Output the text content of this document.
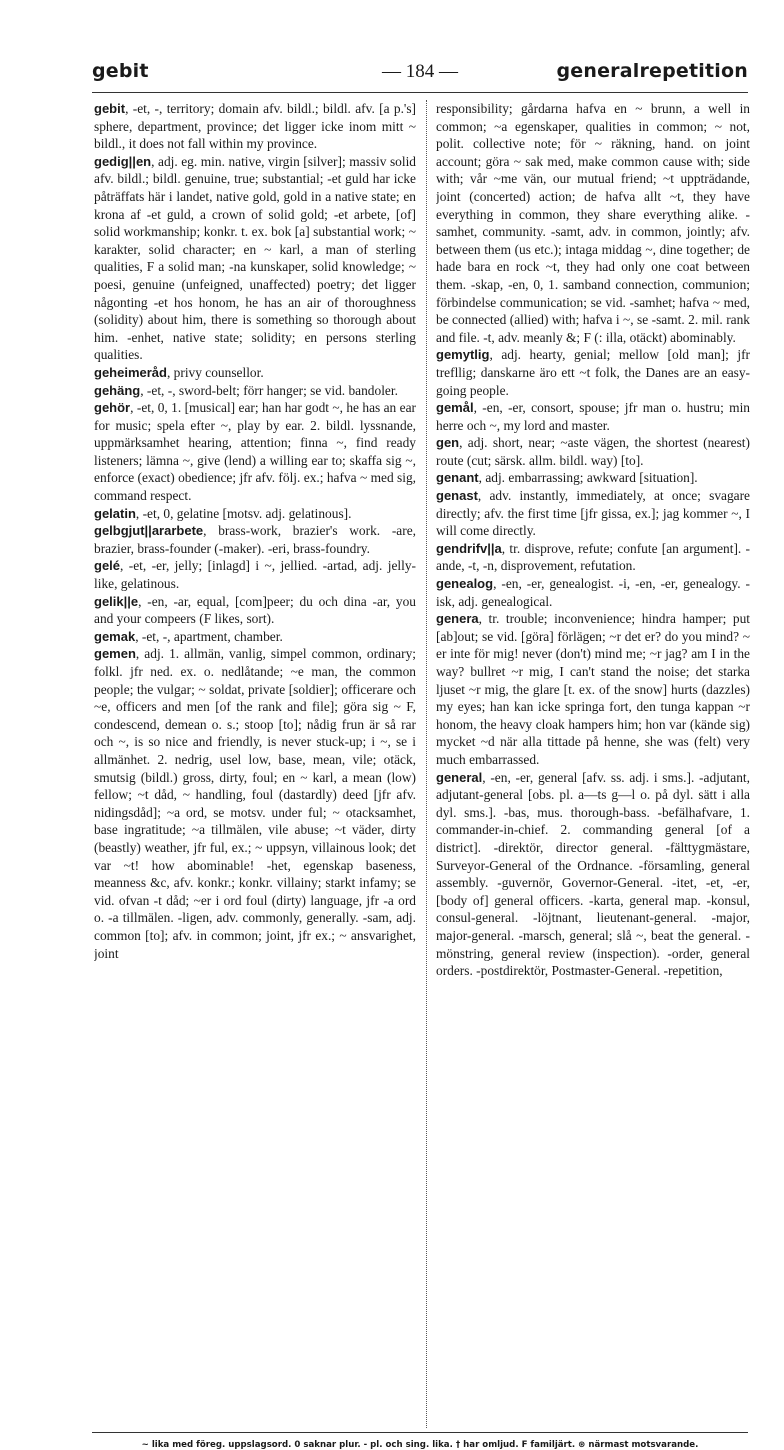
gebit	— 184 —	generalrepetition

gebit, -et, -, territory; domain afv. bildl.; bildl. afv. [a p.'s] sphere, department, province; det ligger icke inom mitt ~ bildl., it does not fall within my province.

gedig||en, adj. eg. min. native, virgin [silver]; massiv solid afv. bildl.; bildl. genuine, true; substantial; -et guld har icke påträffats här i landet, native gold, gold in a native state; en krona af -et guld, a crown of solid gold; -et arbete, [of] solid workmanship; konkr. t. ex. bok [a] substantial work; ~ karakter, solid character; en ~ karl, a man of sterling qualities, F a solid man; -na kunskaper, solid knowledge; ~ poesi, genuine (unfeigned, unaffected) poetry; det ligger någonting -et hos honom, he has an air of thoroughness (solidity) about him, there is something so thorough about him. -enhet, native state; solidity; en persons sterling qualities.

geheimeråd, privy counsellor.

gehäng, -et, -, sword-belt; förr hanger; se vid. bandoler.

gehör, -et, 0, 1. [musical] ear; han har godt ~, he has an ear for music; spela efter ~, play by ear. 2. bildl. lyssnande, uppmärksamhet hearing, attention; finna ~, find ready listeners; lämna ~, give (lend) a willing ear to; skaffa sig ~, enforce (exact) obedience; jfr afv. följ. ex.; hafva ~ med sig, command respect.

gelatin, -et, 0, gelatine [motsv. adj. gelatinous].

gelbgjut||ararbete, brass-work, brazier's work. -are, brazier, brass-founder (-maker). -eri, brass-foundry.

gelé, -et, -er, jelly; [inlagd] i ~, jellied. -artad, adj. jelly-like, gelatinous.

gelik||e, -en, -ar, equal, [com]peer; du och dina -ar, you and your compeers (F likes, sort).

gemak, -et, -, apartment, chamber.

gemen, adj. 1. allmän, vanlig, simpel common, ordinary; folkl. jfr ned. ex. o. nedlåtande; ~e man, the common people; the vulgar; ~ soldat, private [soldier]; officerare och ~e, officers and men [of the rank and file]; göra sig ~ F, condescend, demean o. s.; stoop [to]; nådig frun är så rar och ~, is so nice and friendly, is never stuck-up; i ~, se i allmänhet. 2. nedrig, usel low, base, mean, vile; otäck, smutsig (bildl.) gross, dirty, foul; en ~ karl, a mean (low) fellow; ~t dåd, ~ handling, foul (dastardly) deed [jfr afv. nidingsdåd]; ~a ord, se motsv. under ful; ~ otacksamhet, base ingratitude; ~a tillmälen, vile abuse; ~t väder, dirty (beastly) weather, jfr ful, ex.; ~ uppsyn, villainous look; det var ~t! how abominable! -het, egenskap baseness, meanness &c, afv. konkr.; konkr. villainy; starkt infamy; se vid. ofvan -t dåd; ~er i ord foul (dirty) language, jfr -a ord o. -a tillmälen. -ligen, adv. commonly, generally. -sam, adj. common [to]; afv. in common; joint, jfr ex.; ~ ansvarighet, joint

responsibility; gårdarna hafva en ~ brunn, a well in common; ~a egenskaper, qualities in common; ~ not, polit. collective note; för ~ räkning, hand. on joint account; göra ~ sak med, make common cause with; side with; vår ~me vän, our mutual friend; ~t uppträdande, joint (concerted) action; de hafva allt ~t, they have everything in common, they share everything alike. -samhet, community. -samt, adv. in common, jointly; afv. between them (us etc.); intaga middag ~, dine together; de hade bara en rock ~t, they had only one coat between them. -skap, -en, 0, 1. samband connection, communion; förbindelse communication; se vid. -samhet; hafva ~ med, be connected (allied) with; hafva i ~, se -samt. 2. mil. rank and file. -t, adv. meanly &; F (: illa, otäckt) abominably.

gemytlig, adj. hearty, genial; mellow [old man]; jfr trefllig; danskarne äro ett ~t folk, the Danes are an easy-going people.

gemål, -en, -er, consort, spouse; jfr man o. hustru; min herre och ~, my lord and master.

gen, adj. short, near; ~aste vägen, the shortest (nearest) route (cut; särsk. allm. bildl. way) [to].

genant, adj. embarrassing; awkward [situation].

genast, adv. instantly, immediately, at once; svagare directly; afv. the first time [jfr gissa, ex.]; jag kommer ~, I will come directly.

gendrifv||a, tr. disprove, refute; confute [an argument]. -ande, -t, -n, disprovement, refutation.

genealog, -en, -er, genealogist. -i, -en, -er, genealogy. -isk, adj. genealogical.

genera, tr. trouble; inconvenience; hindra hamper; put [ab]out; se vid. [göra] förlägen; ~r det er? do you mind? ~ er inte för mig! never (don't) mind me; ~r jag? am I in the way? bullret ~r mig, I can't stand the noise; det starka ljuset ~r mig, the glare [t. ex. of the snow] hurts (dazzles) my eyes; han kan icke springa fort, den tunga kappan ~r honom, the heavy cloak hampers him; hon var (kände sig) mycket ~d när alla tittade på henne, she was (felt) very much embarrassed.

general, -en, -er, general [afv. ss. adj. i sms.]. -adjutant, adjutant-general [obs. pl. a—ts g—l o. på dyl. sätt i alla dyl. sms.]. -bas, mus. thorough-bass. -befälhafvare, 1. commander-in-chief. 2. commanding general [of a district]. -direktör, director general. -fälttygmästare, Surveyor-General of the Ordnance. -församling, general assembly. -guvernör, Governor-General. -itet, -et, -er, [body of] general officers. -karta, general map. -konsul, consul-general. -löjtnant, lieutenant-general. -major, major-general. -marsch, general; slå ~, beat the general. -mönstring, general review (inspection). -order, general orders. -postdirektör, Postmaster-General. -repetition,

~ lika med föreg. uppslagsord. 0 saknar plur. - pl. och sing. lika. † har omljud. F familjärt. ⊛ närmast motsvarande.
